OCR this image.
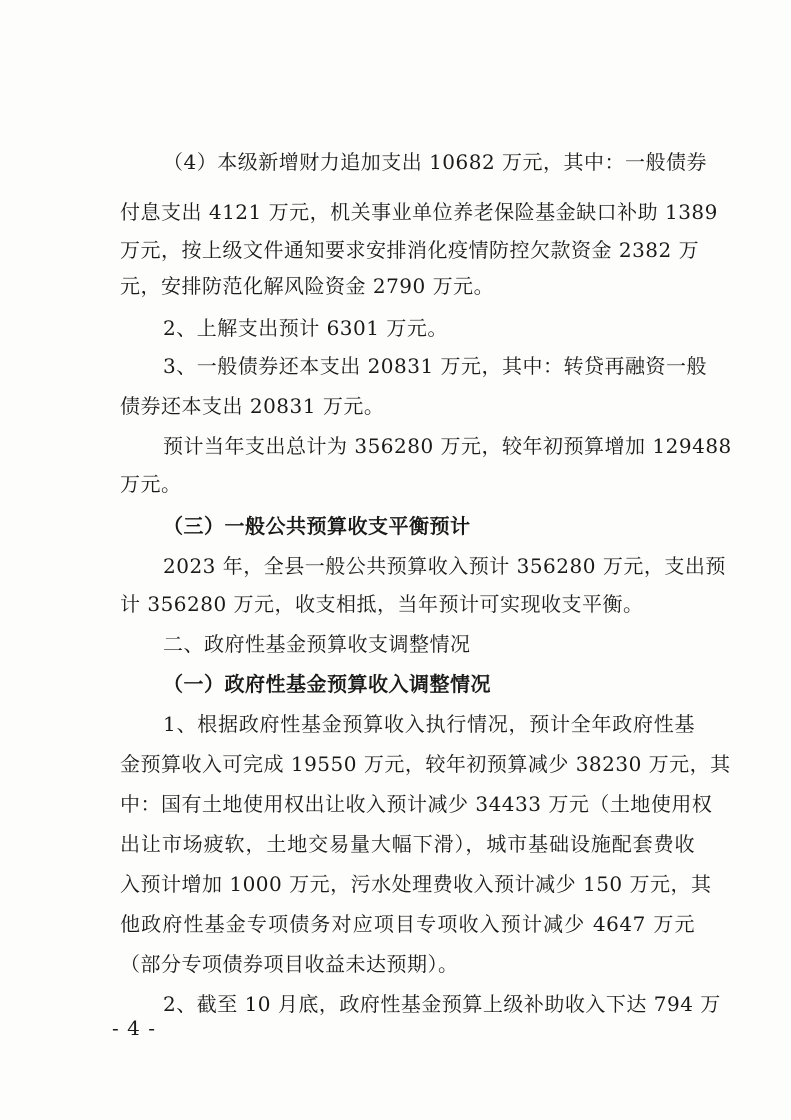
（4）本级新增财力追加支出 10682 万元，其中：一般债券
付息支出 4121 万元，机关事业单位养老保险基金缺口补助 1389
万元，按上级文件通知要求安排消化疫情防控欠款资金 2382 万
元，安排防范化解风险资金 2790 万元。
2、上解支出预计 6301 万元。
3、一般债券还本支出 20831 万元，其中：转贷再融资一般
债券还本支出 20831 万元。
预计当年支出总计为 356280 万元，较年初预算增加 129488
万元。
（三）一般公共预算收支平衡预计
2023 年，全县一般公共预算收入预计 356280 万元，支出预
计 356280 万元，收支相抵，当年预计可实现收支平衡。
二、政府性基金预算收支调整情况
（一）政府性基金预算收入调整情况
1、根据政府性基金预算收入执行情况，预计全年政府性基
金预算收入可完成 19550 万元，较年初预算减少 38230 万元，其
中：国有土地使用权出让收入预计减少 34433 万元（土地使用权
出让市场疲软，土地交易量大幅下滑），城市基础设施配套费收
入预计增加 1000 万元，污水处理费收入预计减少 150 万元，其
他政府性基金专项债务对应项目专项收入预计减少 4647 万元
（部分专项债券项目收益未达预期）。
2、截至 10 月底，政府性基金预算上级补助收入下达 794 万
- 4 -
